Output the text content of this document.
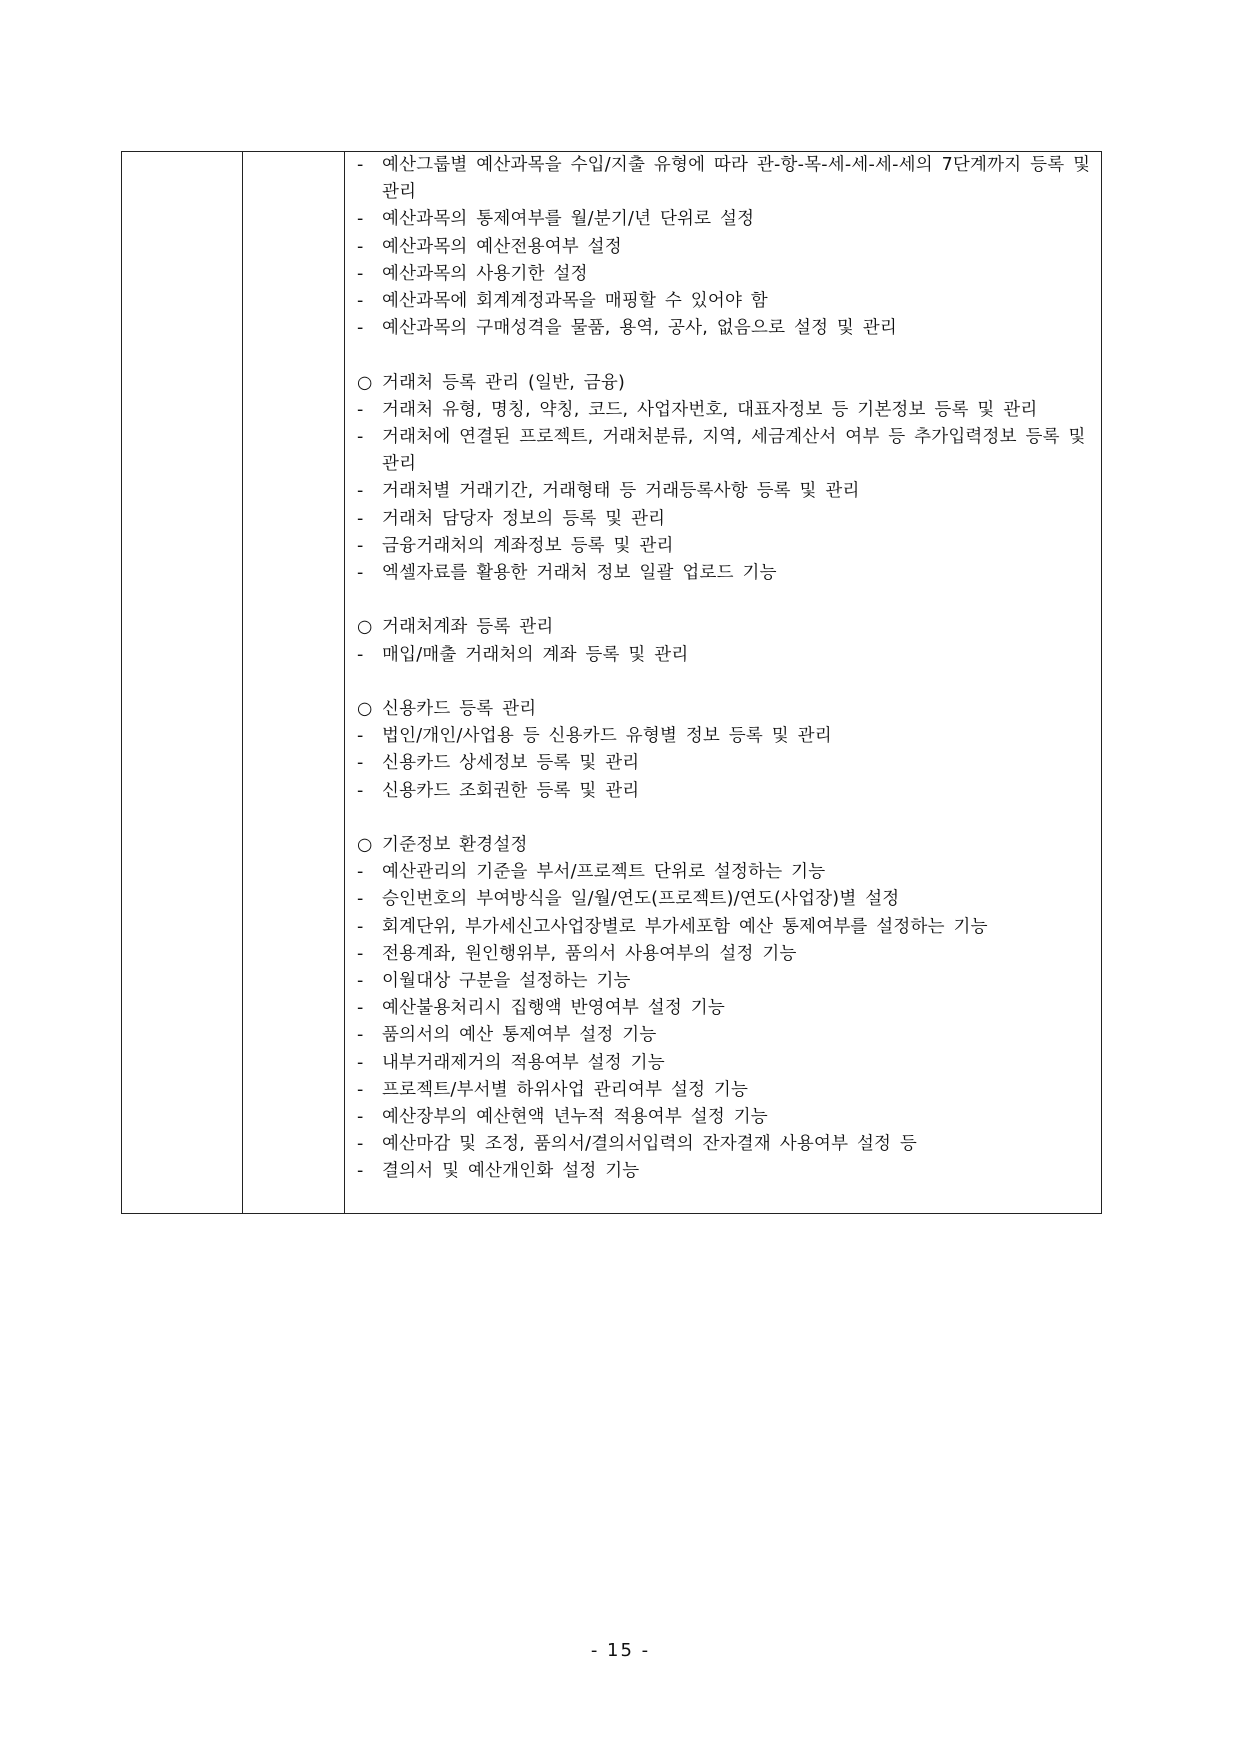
- 예산그룹별 예산과목을 수입/지출 유형에 따라 관-항-목-세-세-세-세의 7단계까지 등록 및 관리
- 예산과목의 통제여부를 월/분기/년 단위로 설정
- 예산과목의 예산전용여부 설정
- 예산과목의 사용기한 설정
- 예산과목에 회계계정과목을 매핑할 수 있어야 함
- 예산과목의 구매성격을 물품, 용역, 공사, 없음으로 설정 및 관리
○ 거래처 등록 관리 (일반, 금융)
- 거래처 유형, 명칭, 약칭, 코드, 사업자번호, 대표자정보 등 기본정보 등록 및 관리
- 거래처에 연결된 프로젝트, 거래처분류, 지역, 세금계산서 여부 등 추가입력정보 등록 및 관리
- 거래처별 거래기간, 거래형태 등 거래등록사항 등록 및 관리
- 거래처 담당자 정보의 등록 및 관리
- 금융거래처의 계좌정보 등록 및 관리
- 엑셀자료를 활용한 거래처 정보 일괄 업로드 기능
○ 거래처계좌 등록 관리
- 매입/매출 거래처의 계좌 등록 및 관리
○ 신용카드 등록 관리
- 법인/개인/사업용 등 신용카드 유형별 정보 등록 및 관리
- 신용카드 상세정보 등록 및 관리
- 신용카드 조회권한 등록 및 관리
○ 기준정보 환경설정
- 예산관리의 기준을 부서/프로젝트 단위로 설정하는 기능
- 승인번호의 부여방식을 일/월/연도(프로젝트)/연도(사업장)별 설정
- 회계단위, 부가세신고사업장별로 부가세포함 예산 통제여부를 설정하는 기능
- 전용계좌, 원인행위부, 품의서 사용여부의 설정 기능
- 이월대상 구분을 설정하는 기능
- 예산불용처리시 집행액 반영여부 설정 기능
- 품의서의 예산 통제여부 설정 기능
- 내부거래제거의 적용여부 설정 기능
- 프로젝트/부서별 하위사업 관리여부 설정 기능
- 예산장부의 예산현액 년누적 적용여부 설정 기능
- 예산마감 및 조정, 품의서/결의서입력의 잔자결재 사용여부 설정 등
- 결의서 및 예산개인화 설정 기능
- 15 -
